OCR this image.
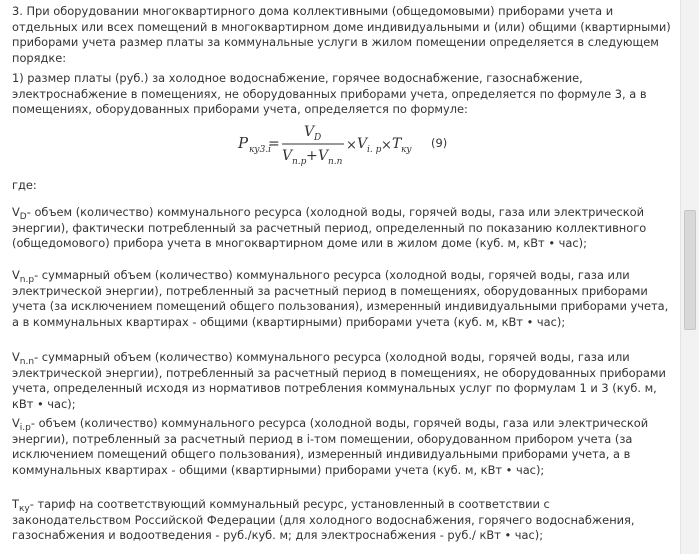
3. При оборудовании многоквартирного дома коллективными (общедомовыми) приборами учета и отдельных или всех помещений в многоквартирном доме индивидуальными и (или) общими (квартирными) приборами учета размер платы за коммунальные услуги в жилом помещении определяется в следующем порядке:

1) размер платы (руб.) за холодное водоснабжение, горячее водоснабжение, газоснабжение, электроснабжение в помещениях, не оборудованных приборами учета, определяется по формуле 3, а в помещениях, оборудованных приборами учета, определяется по формуле:

P ку3.i
=
V D
V n.p + V n.n
× V i. p × T ку (9)

где:

$V_D-$ объем (количество) коммунального ресурса (холодной воды, горячей воды, газа или электрической энергии), фактически потребленный за расчетный период, определенный по показанию коллективного (общедомового) прибора учета в многоквартирном доме или в жилом доме (куб. м, кВт • час);

$V_{n.p}-$ суммарный объем (количество) коммунального ресурса (холодной воды, горячей воды, газа или электрической энергии), потребленный за расчетный период в помещениях, оборудованных приборами учета (за исключением помещений общего пользования), измеренный индивидуальными приборами учета, а в коммунальных квартирах - общими (квартирными) приборами учета (куб. м, кВт • час);

$V_{n.n}-$ суммарный объем (количество) коммунального ресурса (холодной воды, горячей воды, газа или электрической энергии), потребленный за расчетный период в помещениях, не оборудованных приборами учета, определенный исходя из нормативов потребления коммунальных услуг по формулам 1 и 3 (куб. м, кВт • час);

$V_{i.p}-$ объем (количество) коммунального ресурса (холодной воды, горячей воды, газа или электрической энергии), потребленный за расчетный период в i-том помещении, оборудованном прибором учета (за исключением помещений общего пользования), измеренный индивидуальными приборами учета, а в коммунальных квартирах - общими (квартирными) приборами учета (куб. м, кВт • час);

$T_{ку}-$ тариф на соответствующий коммунальный ресурс, установленный в соответствии с законодательством Российской Федерации (для холодного водоснабжения, горячего водоснабжения, газоснабжения и водоотведения - руб./куб. м; для электроснабжения - руб./ кВт • час);
